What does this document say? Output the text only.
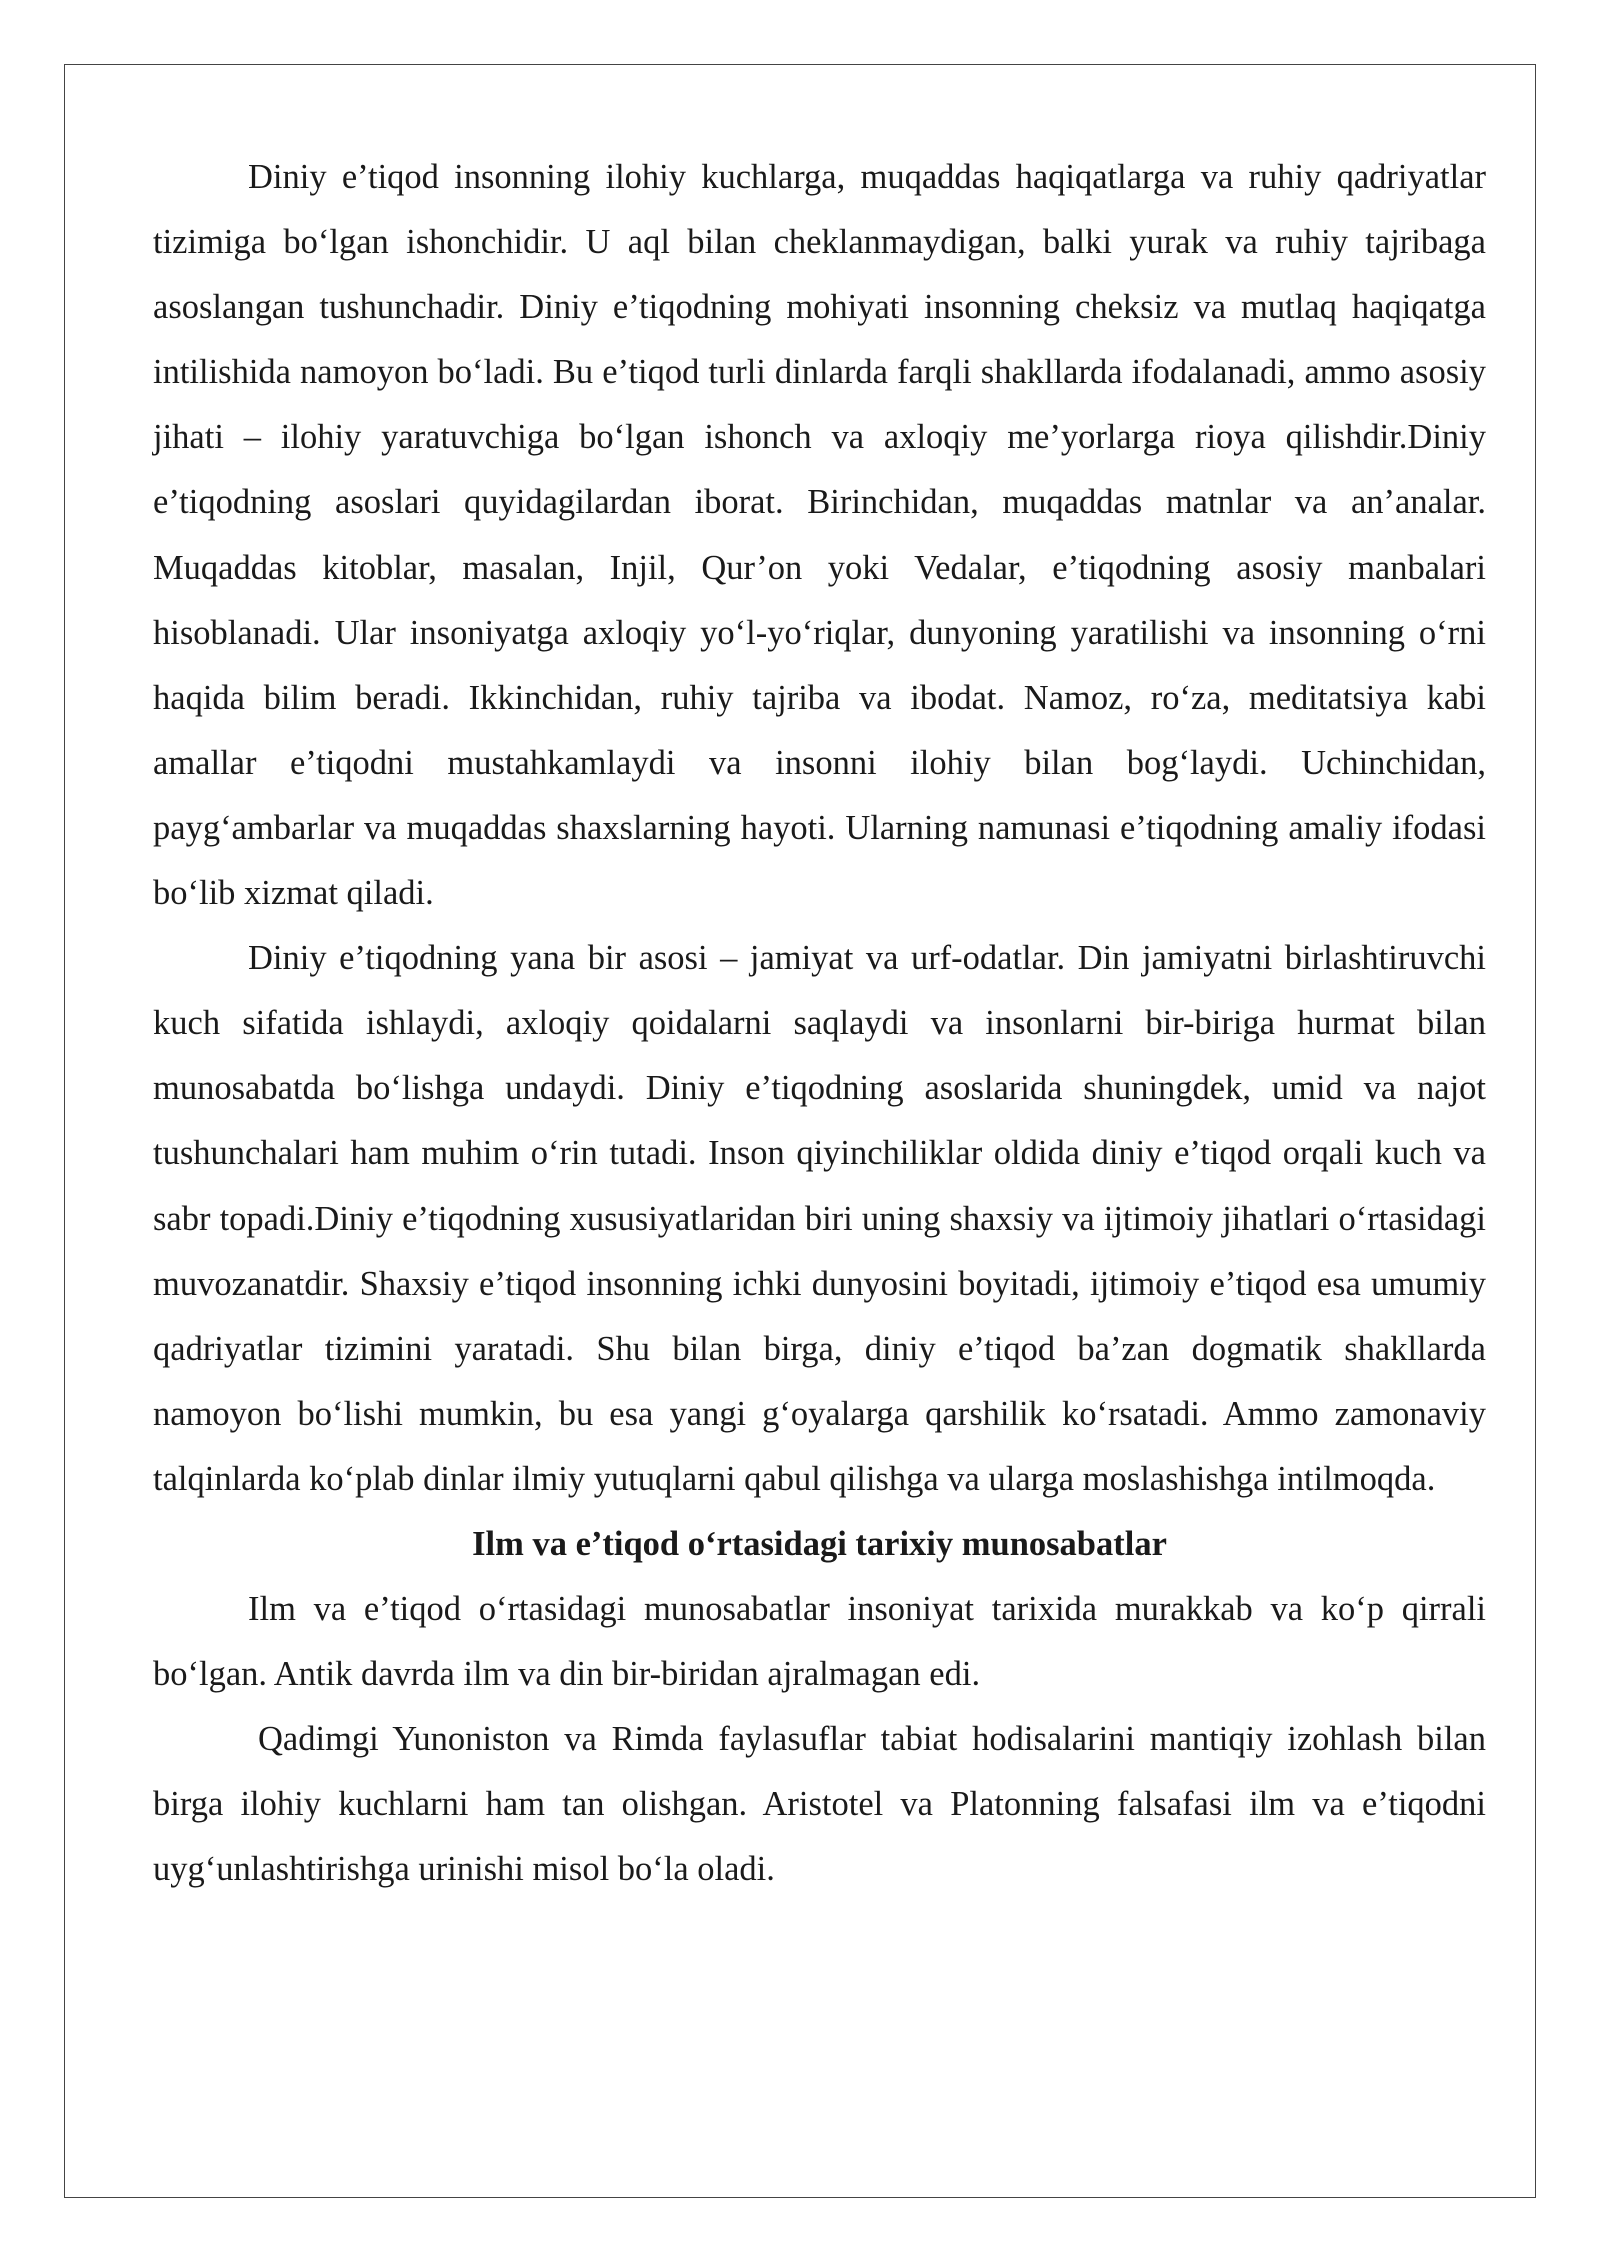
Diniy e’tiqod insonning ilohiy kuchlarga, muqaddas haqiqatlarga va ruhiy qadriyatlar tizimiga bo‘lgan ishonchidir. U aql bilan cheklanmaydigan, balki yurak va ruhiy tajribaga asoslangan tushunchadir. Diniy e’tiqodning mohiyati insonning cheksiz va mutlaq haqiqatga intilishida namoyon bo‘ladi. Bu e’tiqod turli dinlarda farqli shakllarda ifodalanadi, ammo asosiy jihati – ilohiy yaratuvchiga bo‘lgan ishonch va axloqiy me’yorlarga rioya qilishdir.Diniy e’tiqodning asoslari quyidagilardan iborat. Birinchidan, muqaddas matnlar va an’analar. Muqaddas kitoblar, masalan, Injil, Qur’on yoki Vedalar, e’tiqodning asosiy manbalari hisoblanadi. Ular insoniyatga axloqiy yo‘l-yo‘riqlar, dunyoning yaratilishi va insonning o‘rni haqida bilim beradi. Ikkinchidan, ruhiy tajriba va ibodat. Namoz, ro‘za, meditatsiya kabi amallar e’tiqodni mustahkamlaydi va insonni ilohiy bilan bog‘laydi. Uchinchidan, payg‘ambarlar va muqaddas shaxslarning hayoti. Ularning namunasi e’tiqodning amaliy ifodasi bo‘lib xizmat qiladi.

Diniy e’tiqodning yana bir asosi – jamiyat va urf-odatlar. Din jamiyatni birlashtiruvchi kuch sifatida ishlaydi, axloqiy qoidalarni saqlaydi va insonlarni bir-biriga hurmat bilan munosabatda bo‘lishga undaydi. Diniy e’tiqodning asoslarida shuningdek, umid va najot tushunchalari ham muhim o‘rin tutadi. Inson qiyinchiliklar oldida diniy e’tiqod orqali kuch va sabr topadi.Diniy e’tiqodning xususiyatlaridan biri uning shaxsiy va ijtimoiy jihatlari o‘rtasidagi muvozanatdir. Shaxsiy e’tiqod insonning ichki dunyosini boyitadi, ijtimoiy e’tiqod esa umumiy qadriyatlar tizimini yaratadi. Shu bilan birga, diniy e’tiqod ba’zan dogmatik shakllarda namoyon bo‘lishi mumkin, bu esa yangi g‘oyalarga qarshilik ko‘rsatadi. Ammo zamonaviy talqinlarda ko‘plab dinlar ilmiy yutuqlarni qabul qilishga va ularga moslashishga intilmoqda.

Ilm va e’tiqod o‘rtasidagi tarixiy munosabatlar

Ilm va e’tiqod o‘rtasidagi munosabatlar insoniyat tarixida murakkab va ko‘p qirrali bo‘lgan. Antik davrda ilm va din bir-biridan ajralmagan edi.

Qadimgi Yunoniston va Rimda faylasuflar tabiat hodisalarini mantiqiy izohlash bilan birga ilohiy kuchlarni ham tan olishgan. Aristotel va Platonning falsafasi ilm va e’tiqodni uyg‘unlashtirishga urinishi misol bo‘la oladi.
